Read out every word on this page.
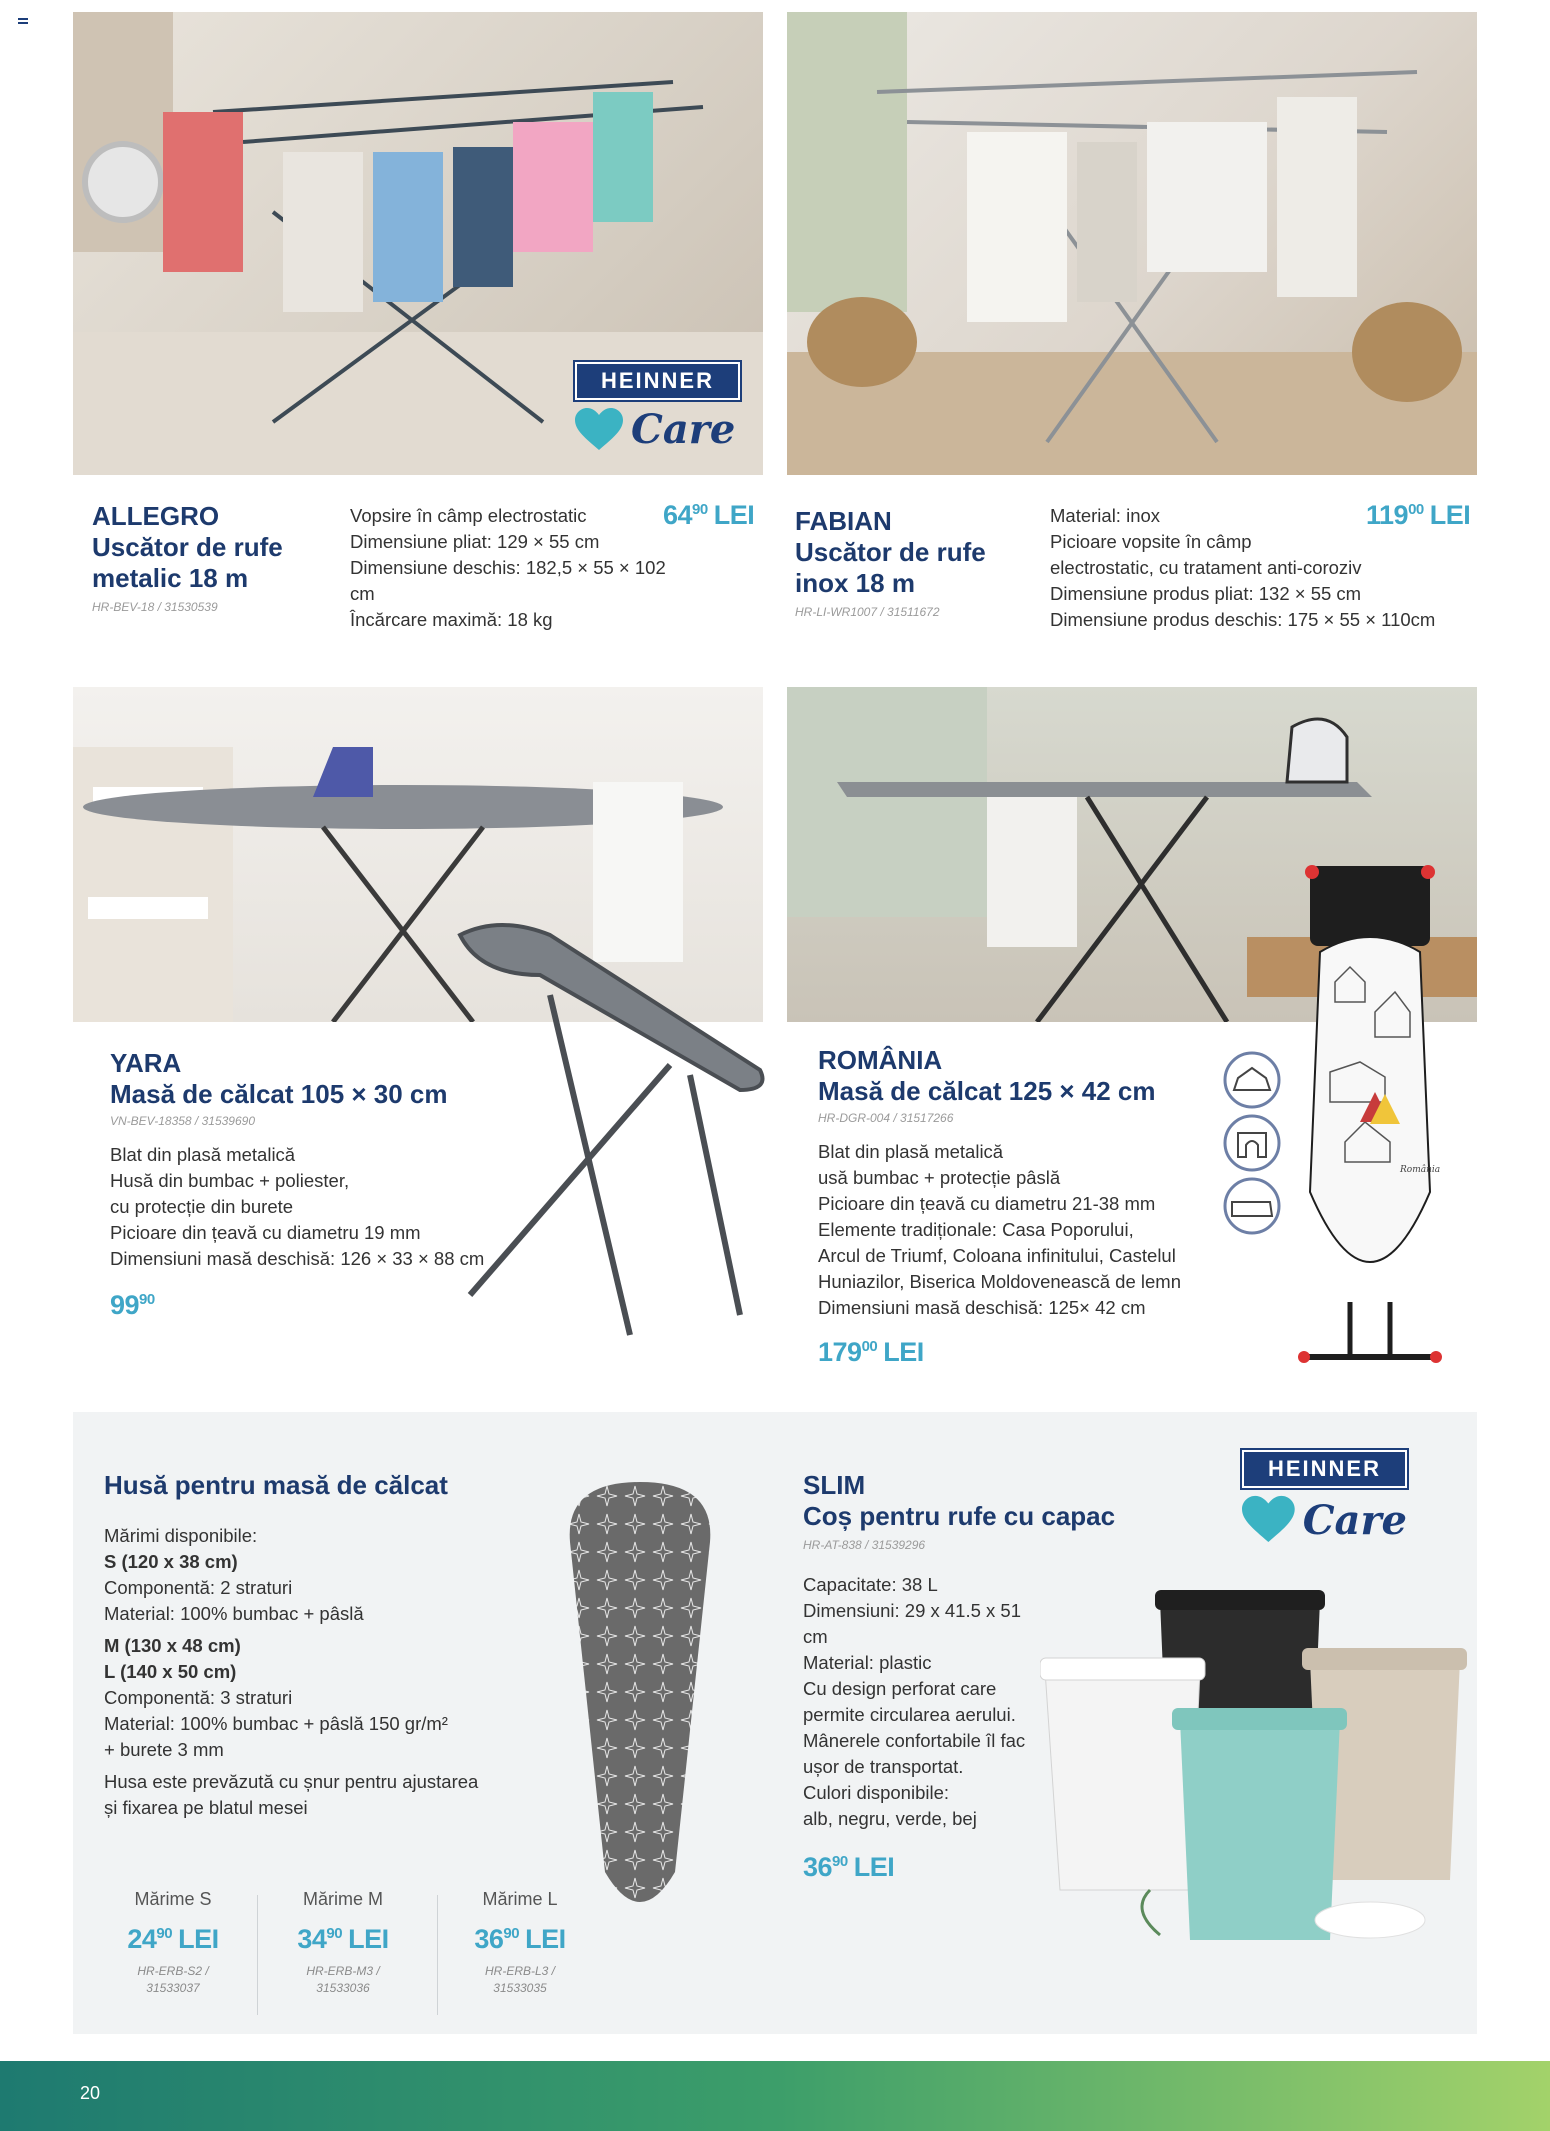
HEINNER
Care
ALLEGRO
Uscător de rufe
metalic 18 m
HR-BEV-18 / 31530539
Vopsire în câmp electrostatic
Dimensiune pliat: 129 × 55 cm
Dimensiune deschis: 182,5 × 55 × 102 cm
Încărcare maximă: 18 kg
$64^{90}$ LEI FABIAN
Uscător de rufe
inox 18 m
HR-LI-WR1007 / 31511672
Material: inox
Picioare vopsite în câmp
electrostatic, cu tratament anti-coroziv
Dimensiune produs pliat: 132 × 55 cm
Dimensiune produs deschis: 175 × 55 × 110cm
$119^{00}$ LEI
România
YARA
Masă de călcat 105 × 30 cm
VN-BEV-18358 / 31539690
Blat din plasă metalică
Husă din bumbac + poliester,
cu protecție din burete
Picioare din țeavă cu diametru 19 mm
Dimensiuni masă deschisă: 126 × 33 × 88 cm
$99^{90}$
ROMÂNIA
Masă de călcat 125 × 42 cm
HR-DGR-004 / 31517266
Blat din plasă metalică
usă bumbac + protecție pâslă
Picioare din țeavă cu diametru 21-38 mm
Elemente tradiționale: Casa Poporului,
Arcul de Triumf, Coloana infinitului, Castelul
Huniazilor, Biserica Moldovenească de lemn
Dimensiuni masă deschisă: 125× 42 cm
$179^{00}$ LEI
Husă pentru masă de călcat
Mărimi disponibile:
S (120 x 38 cm)
Componentă: 2 straturi
Material: 100% bumbac + pâslă
M (130 x 48 cm)
L (140 x 50 cm)
Componentă: 3 straturi
Material: 100% bumbac + pâslă 150 gr/m²
+ burete 3 mm
Husa este prevăzută cu șnur pentru ajustarea
și fixarea pe blatul mesei
Mărime S
$24^{90}$ LEI
HR-ERB-S2 /
31533037
Mărime M
$34^{90}$ LEI
HR-ERB-M3 /
31533036
Mărime L
$36^{90}$ LEI
HR-ERB-L3 /
31533035
SLIM
Coș pentru rufe cu capac
HR-AT-838 / 31539296
Capacitate: 38 L
Dimensiuni: 29 x 41.5 x 51
cm
Material: plastic
Cu design perforat care
permite circularea aerului.
Mânerele confortabile îl fac
ușor de transportat.
Culori disponibile:
alb, negru, verde, bej
$36^{90}$ LEI
HEINNER
Care
20
